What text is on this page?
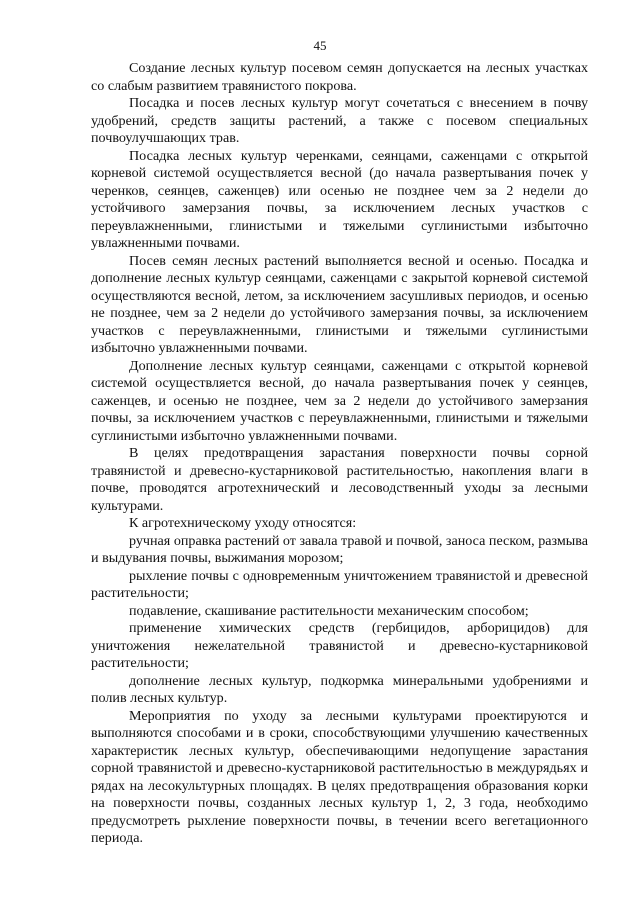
45

Создание лесных культур посевом семян допускается на лесных участках со слабым развитием травянистого покрова.

Посадка и посев лесных культур могут сочетаться с внесением в почву удобрений, средств защиты растений, а также с посевом специальных почвоулучшающих трав.

Посадка лесных культур черенками, сеянцами, саженцами с открытой корневой системой осуществляется весной (до начала развертывания почек у черенков, сеянцев, саженцев) или осенью не позднее чем за 2 недели до устойчивого замерзания почвы, за исключением лесных участков с переувлажненными, глинистыми и тяжелыми суглинистыми избыточно увлажненными почвами.

Посев семян лесных растений выполняется весной и осенью. Посадка и дополнение лесных культур сеянцами, саженцами с закрытой корневой системой осуществляются весной, летом, за исключением засушливых периодов, и осенью не позднее, чем за 2 недели до устойчивого замерзания почвы, за исключением участков с переувлажненными, глинистыми и тяжелыми суглинистыми избыточно увлажненными почвами.

Дополнение лесных культур сеянцами, саженцами с открытой корневой системой осуществляется весной, до начала развертывания почек у сеянцев, саженцев, и осенью не позднее, чем за 2 недели до устойчивого замерзания почвы, за исключением участков с переувлажненными, глинистыми и тяжелыми суглинистыми избыточно увлажненными почвами.

В целях предотвращения зарастания поверхности почвы сорной травянистой и древесно-кустарниковой растительностью, накопления влаги в почве, проводятся агротехнический и лесоводственный уходы за лесными культурами.

К агротехническому уходу относятся:

ручная оправка растений от завала травой и почвой, заноса песком, размыва и выдувания почвы, выжимания морозом;

рыхление почвы с одновременным уничтожением травянистой и древесной растительности;

подавление, скашивание растительности механическим способом;

применение химических средств (гербицидов, арборицидов) для уничтожения нежелательной травянистой и древесно-кустарниковой растительности;

дополнение лесных культур, подкормка минеральными удобрениями и полив лесных культур.

Мероприятия по уходу за лесными культурами проектируются и выполняются способами и в сроки, способствующими улучшению качественных характеристик лесных культур, обеспечивающими недопущение зарастания сорной травянистой и древесно-кустарниковой растительностью в междурядьях и рядах на лесокультурных площадях. В целях предотвращения образования корки на поверхности почвы, созданных лесных культур 1, 2, 3 года, необходимо предусмотреть рыхление поверхности почвы, в течении всего вегетационного периода.
